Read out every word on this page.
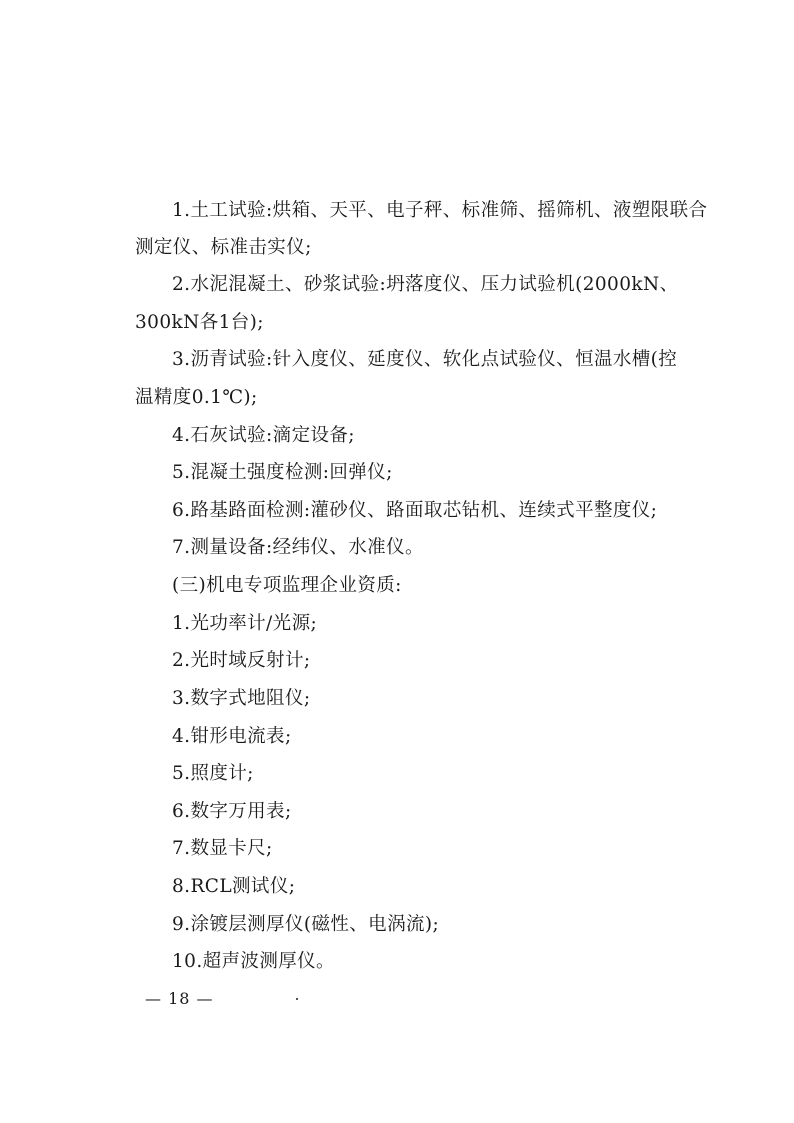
1.土工试验:烘箱、天平、电子秤、标准筛、摇筛机、液塑限联合
测定仪、标准击实仪;
2.水泥混凝土、砂浆试验:坍落度仪、压力试验机(2000kN、
300kN各1台);
3.沥青试验:针入度仪、延度仪、软化点试验仪、恒温水槽(控
温精度0.1℃);
4.石灰试验:滴定设备;
5.混凝土强度检测:回弹仪;
6.路基路面检测:灌砂仪、路面取芯钻机、连续式平整度仪;
7.测量设备:经纬仪、水准仪。
(三)机电专项监理企业资质:
1.光功率计/光源;
2.光时域反射计;
3.数字式地阻仪;
4.钳形电流表;
5.照度计;
6.数字万用表;
7.数显卡尺;
8.RCL测试仪;
9.涂镀层测厚仪(磁性、电涡流);
10.超声波测厚仪。
— 18 —
